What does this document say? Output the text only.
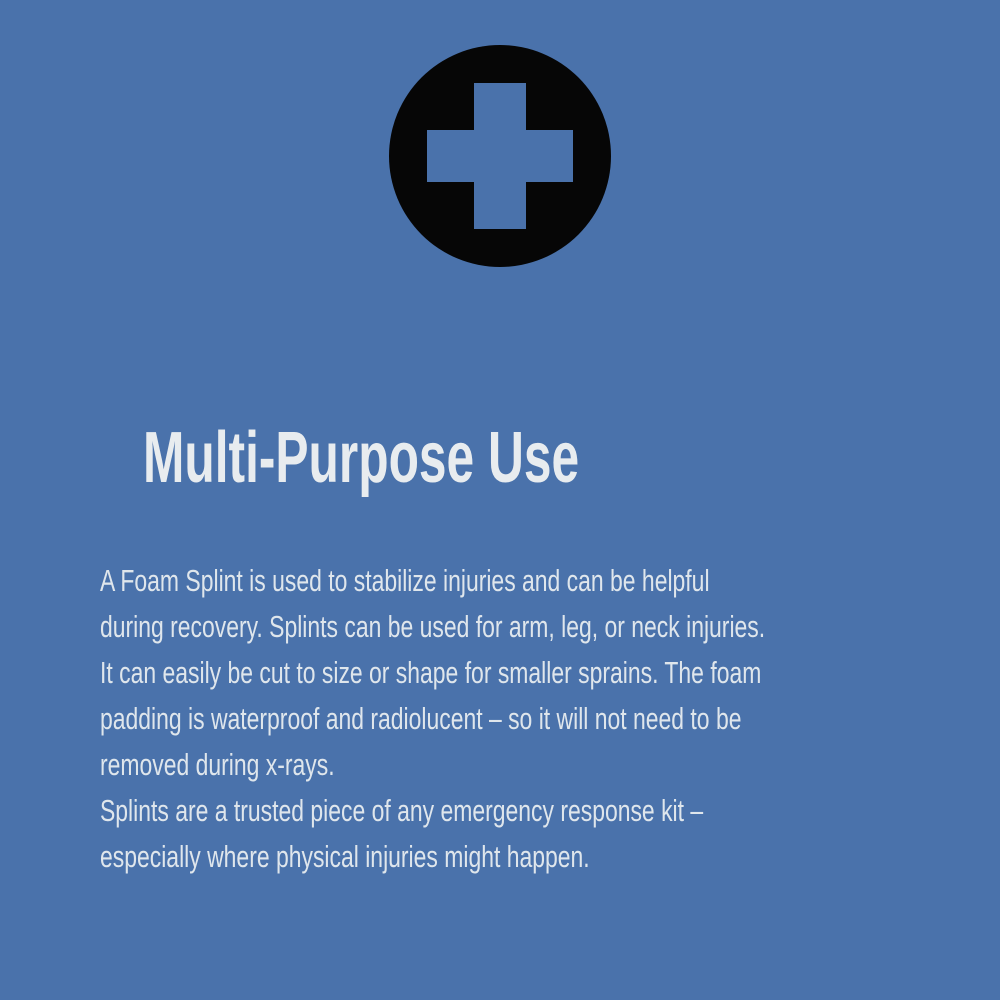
Multi-Purpose Use
A Foam Splint is used to stabilize injuries and can be helpful
during recovery. Splints can be used for arm, leg, or neck injuries.
It can easily be cut to size or shape for smaller sprains. The foam
padding is waterproof and radiolucent – so it will not need to be
removed during x-rays.
Splints are a trusted piece of any emergency response kit –
especially where physical injuries might happen.
